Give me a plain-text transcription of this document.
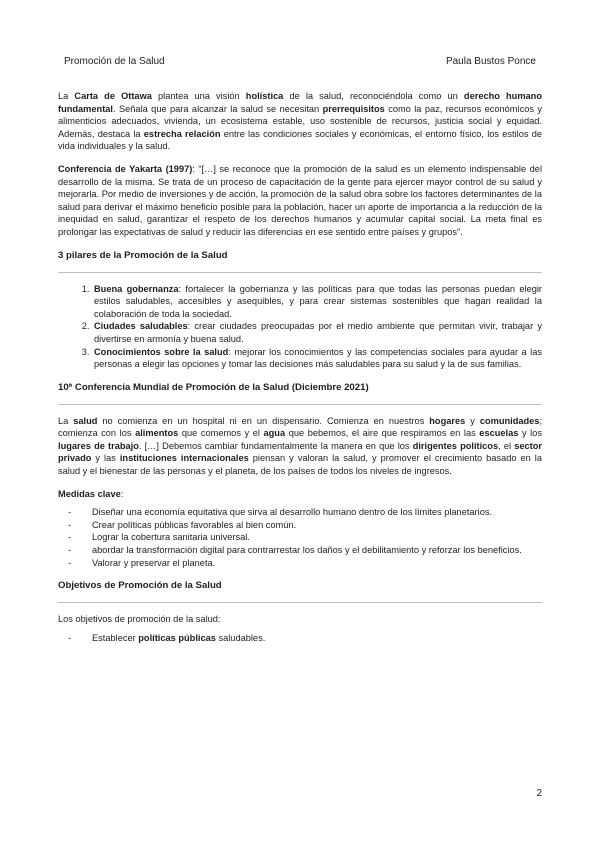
Promoción de la Salud	Paula Bustos Ponce

La Carta de Ottawa plantea una visión holística de la salud, reconociéndola como un derecho humano fundamental. Señala que para alcanzar la salud se necesitan prerrequisitos como la paz, recursos económicos y alimenticios adecuados, vivienda, un ecosistema estable, uso sostenible de recursos, justicia social y equidad. Además, destaca la estrecha relación entre las condiciones sociales y económicas, el entorno físico, los estilos de vida individuales y la salud.

Conferencia de Yakarta (1997): “[…] se reconoce que la promoción de la salud es un elemento indispensable del desarrollo de la misma. Se trata de un proceso de capacitación de la gente para ejercer mayor control de su salud y mejorarla. Por medio de inversiones y de acción, la promoción de la salud obra sobre los factores determinantes de la salud para derivar el máximo beneficio posible para la población, hacer un aporte de importancia a la reducción de la inequidad en salud, garantizar el respeto de los derechos humanos y acumular capital social. La meta final es prolongar las expectativas de salud y reducir las diferencias en ese sentido entre países y grupos”.

3 pilares de la Promoción de la Salud
1. Buena gobernanza: fortalecer la gobernanza y las políticas para que todas las personas puedan elegir estilos saludables, accesibles y asequibles, y para crear sistemas sostenibles que hagan realidad la colaboración de toda la sociedad.
2. Ciudades saludables: crear ciudades preocupadas por el medio ambiente que permitan vivir, trabajar y divertirse en armonía y buena salud.
3. Conocimientos sobre la salud: mejorar los conocimientos y las competencias sociales para ayudar a las personas a elegir las opciones y tomar las decisiones más saludables para su salud y la de sus familias.
10ª Conferencia Mundial de Promoción de la Salud (Diciembre 2021)

La salud no comienza en un hospital ni en un dispensario. Comienza en nuestros hogares y comunidades; comienza con los alimentos que comemos y el agua que bebemos, el aire que respiramos en las escuelas y los lugares de trabajo. […] Debemos cambiar fundamentalmente la manera en que los dirigentes políticos, el sector privado y las instituciones internacionales piensan y valoran la salud, y promover el crecimiento basado en la salud y el bienestar de las personas y el planeta, de los países de todos los niveles de ingresos.

Medidas clave:

- Diseñar una economía equitativa que sirva al desarrollo humano dentro de los límites planetarios.
- Crear políticas públicas favorables al bien común.
- Lograr la cobertura sanitaria universal.
- abordar la transformación digital para contrarrestar los daños y el debilitamiento y reforzar los beneficios.
- Valorar y preservar el planeta.
Objetivos de Promoción de la Salud

Los objetivos de promoción de la salud:

- Establecer políticas públicas saludables.
2
